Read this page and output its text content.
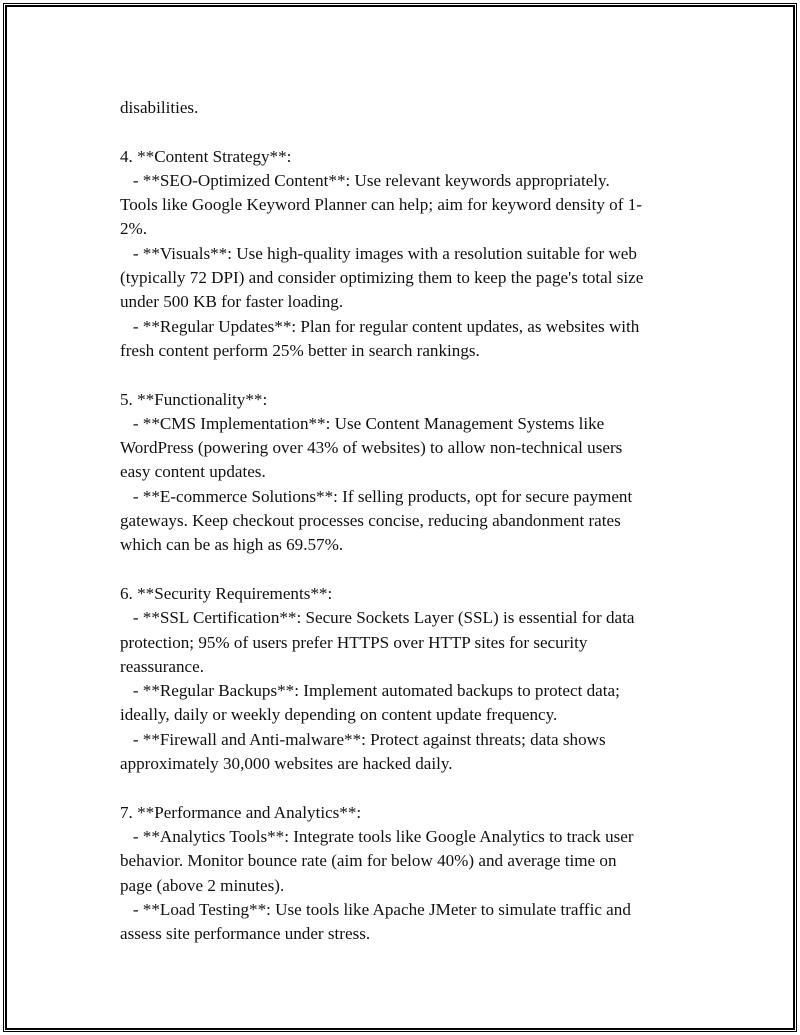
disabilities.
4. **Content Strategy**:
- **SEO-Optimized Content**: Use relevant keywords appropriately.
Tools like Google Keyword Planner can help; aim for keyword density of 1-
2%.
- **Visuals**: Use high-quality images with a resolution suitable for web
(typically 72 DPI) and consider optimizing them to keep the page's total size
under 500 KB for faster loading.
- **Regular Updates**: Plan for regular content updates, as websites with
fresh content perform 25% better in search rankings.
5. **Functionality**:
- **CMS Implementation**: Use Content Management Systems like
WordPress (powering over 43% of websites) to allow non-technical users
easy content updates.
- **E-commerce Solutions**: If selling products, opt for secure payment
gateways. Keep checkout processes concise, reducing abandonment rates
which can be as high as 69.57%.
6. **Security Requirements**:
- **SSL Certification**: Secure Sockets Layer (SSL) is essential for data
protection; 95% of users prefer HTTPS over HTTP sites for security
reassurance.
- **Regular Backups**: Implement automated backups to protect data;
ideally, daily or weekly depending on content update frequency.
- **Firewall and Anti-malware**: Protect against threats; data shows
approximately 30,000 websites are hacked daily.
7. **Performance and Analytics**:
- **Analytics Tools**: Integrate tools like Google Analytics to track user
behavior. Monitor bounce rate (aim for below 40%) and average time on
page (above 2 minutes).
- **Load Testing**: Use tools like Apache JMeter to simulate traffic and
assess site performance under stress.
